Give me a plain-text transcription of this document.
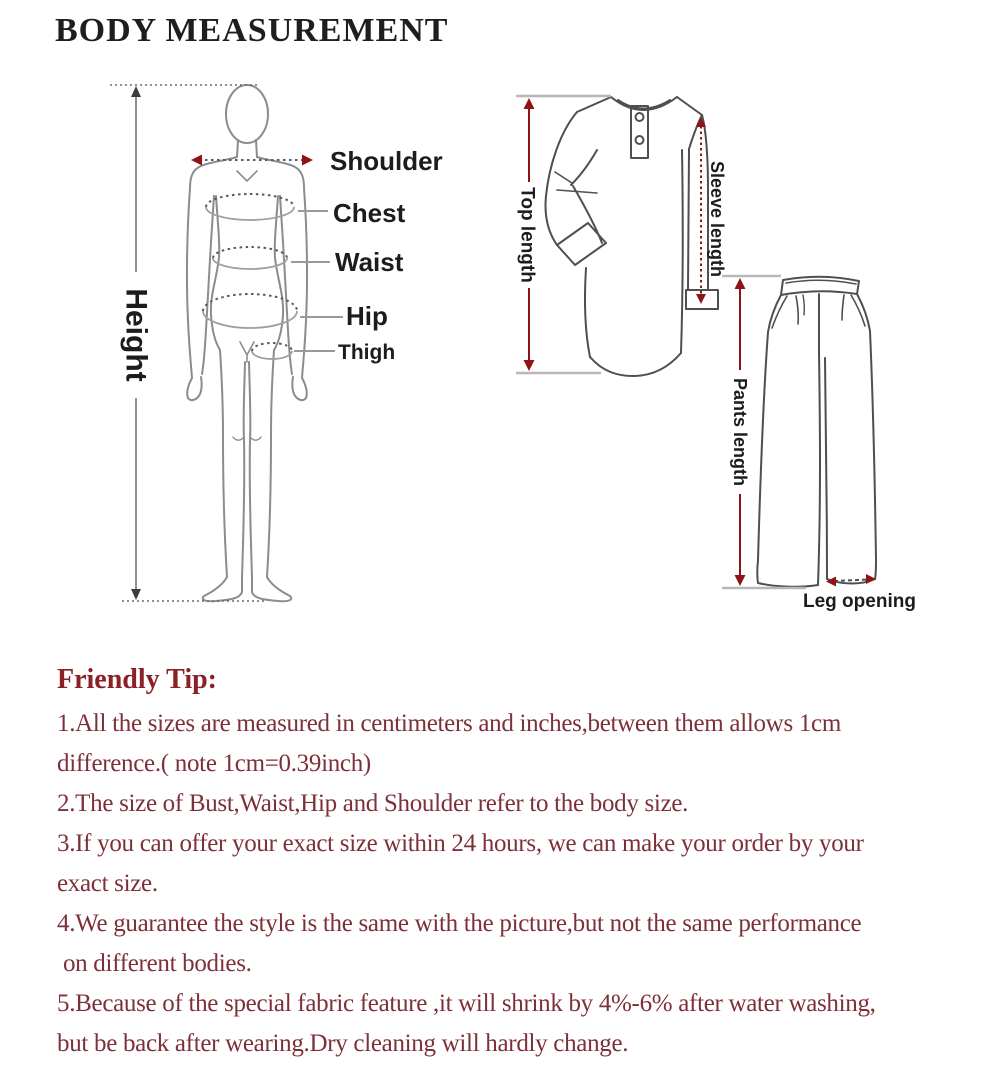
BODY MEASUREMENT
Height
Shoulder
Chest
Waist
Hip
Thigh
Top length	Sleeve length
Pants length
Leg opening
Friendly Tip:
1.All the sizes are measured in centimeters and inches,between them allows 1cm
difference.( note 1cm=0.39inch)
2.The size of Bust,Waist,Hip and Shoulder refer to the body size.
3.If you can offer your exact size within 24 hours, we can make your order by your
exact size.
4.We guarantee the style is the same with the picture,but not the same performance
on different bodies.
5.Because of the special fabric feature ,it will shrink by 4%-6% after water washing,
but be back after wearing.Dry cleaning will hardly change.
